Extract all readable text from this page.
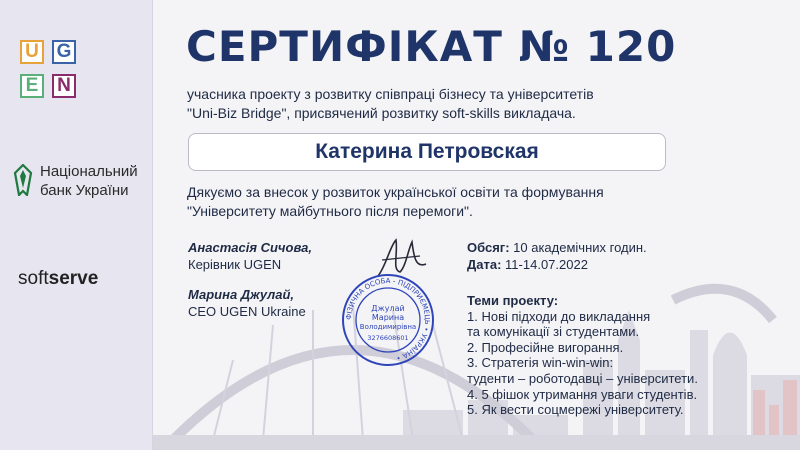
U G
E N
Національний
банк України
softserve
СЕРТИФІКАТ № 120
учасника проекту з розвитку співпраці бізнесу та університетів
"Uni-Biz Bridge", присвячений розвитку soft-skills викладача.
Катерина Петровская
Дякуємо за внесок у розвиток української освіти та формування
"Університету майбутнього після перемоги".
Анастасія Сичова,
Керівник UGEN
Марина Джулай,
CEO UGEN Ukraine	ФІЗИЧНА ОСОБА - ПІДПРИЄМЕЦЬ • УКРАЇНА •
Джулай
Марина
Володимирівна
3276608601
Обсяг: 10 академічних годин.
Дата: 11-14.07.2022
Теми проекту:
1. Нові підходи до викладання
та комунікації зі студентами.
2. Професійне вигорання.
3. Стратегія win-win-win:
туденти – роботодавці – університети.
4. 5 фішок утримання уваги студентів.
5. Як вести соцмережі університету.
